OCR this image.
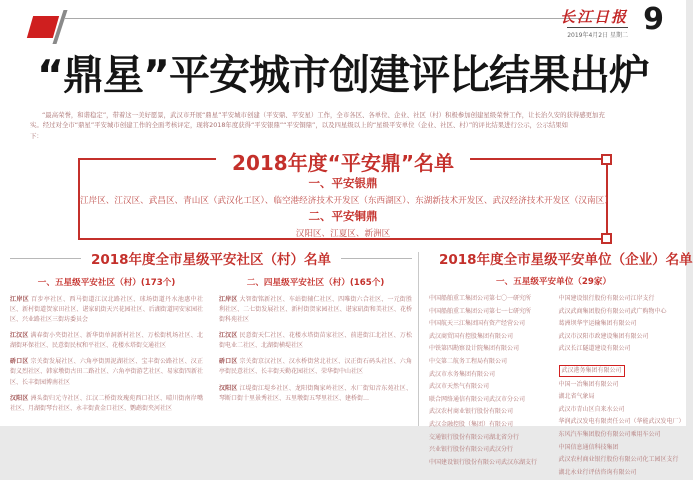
长江日报 9
2019年4月2日 星期二
“鼎星”平安城市创建评比结果出炉
“最高荣誉，和谐稳定”，带着这一美好愿景，武汉市开展“鼎星”平安城市创建（平安鼎、平安星）工作，全市各区、各单位、企业、社区（村）积极参加创建星级荣誉工作，让长治久安的获得感更加充
实。经过对全市“鼎星”平安城市创建工作的全面考核评定，现将2018年度获得“平安银鼎”“平安铜鼎”，以及四星级以上的“星级平安单位（企业、社区、村）”的评比结果进行公示，公示结果如
下：
2018年度“平安鼎”名单
一、平安银鼎
江岸区、江汉区、武昌区、青山区（武汉化工区）、临空港经济技术开发区（东西湖区）、东湖新技术开发区、武汉经济技术开发区（汉南区）
二、平安铜鼎
汉阳区、江夏区、新洲区
2018年度全市星级平安社区（村）名单
一、五星级平安社区（村）(173个)

江岸区 百步亭社区、西马街道江汉北路社区、球场街道丹水池惠中社区、新村街道贺家田社区、谌家矶街天兴花园社区、后湖街道同安家园社区、兴业路社区三街坊委员会

江汉区 满春街小夹街社区、新华街单洞新村社区、万松街机场社区、北湖街环保社区、民意街民权和平社区、花楼水塔街交通社区

硚口区 宗关街发展社区、六角亭街黑泥湖社区、宝丰街公路社区、汉正街义烈社区、韩家墩街古田二路社区、六角亭街游艺社区、易家街四新社区、长丰街园博南社区

汉阳区 洲头街归元寺社区、江汉二桥街玫瑰苑西口社区、晴川街南岸嘴社区、月湖街琴台社区、永丰街黄金口社区、鹦鹉街夹河社区

二、四星级平安社区（村）(165个)

江岸区 大智街铭新社区、车站街辅仁社区、四唯街六合社区、一元街胜利社区、二七街发展社区、新村街贺家园社区、谌家矶街和美社区、花桥街科苑社区

江汉区 民意街天仁社区、花楼水塔街苗家社区、前进街江北社区、万松街电业二社区、北湖街横堤社区

硚口区 宗关街京汉社区、汉水桥街营北社区、汉正街石码头社区、六角亭街民意社区、长丰街天勤花园社区、荣华街中山社区

汉阳区 江堤街江堤乡社区、龙阳街陶家岭社区、水厂街知音东苑社区、琴断口街十里景秀社区、五里墩街五琴里社区、建桥街…

2018年度全市星级平安单位（企业）名单
一、五星级平安单位（29家）
中国船舶重工集团公司第七〇一研究所
中国船舶重工集团公司第七一七研究所
中国航天三江集团国有资产经营公司
武汉商贸国有控股集团有限公司
中铁第四勘察设计院集团有限公司
中交第二航务工程局有限公司
武汉市水务集团有限公司
武汉市天然气有限公司
联合网络通信有限公司武汉市分公司
武汉农村商业银行股份有限公司
武汉金融控股（集团）有限公司
交通银行股份有限公司湖北省分行
兴业银行股份有限公司武汉分行
中国建设银行股份有限公司武汉东湖支行
中国建设银行股份有限公司江岸支行
武汉武商集团股份有限公司武广购物中心
葛洲坝华宇运输集团有限公司
武汉市汉阳市政建设集团有限公司
武汉长江隧道建设有限公司
武汉港务集团有限公司
中国一冶集团有限公司
湖北省气象局
武汉市青山区自来水公司
华润武汉发电有限责任公司（华能武汉发电厂）
东风汽车集团股份有限公司乘用车公司
中国信息通信科技集团
武汉农村商业银行股份有限公司化工园区支行
湖北永业行评估咨询有限公司
